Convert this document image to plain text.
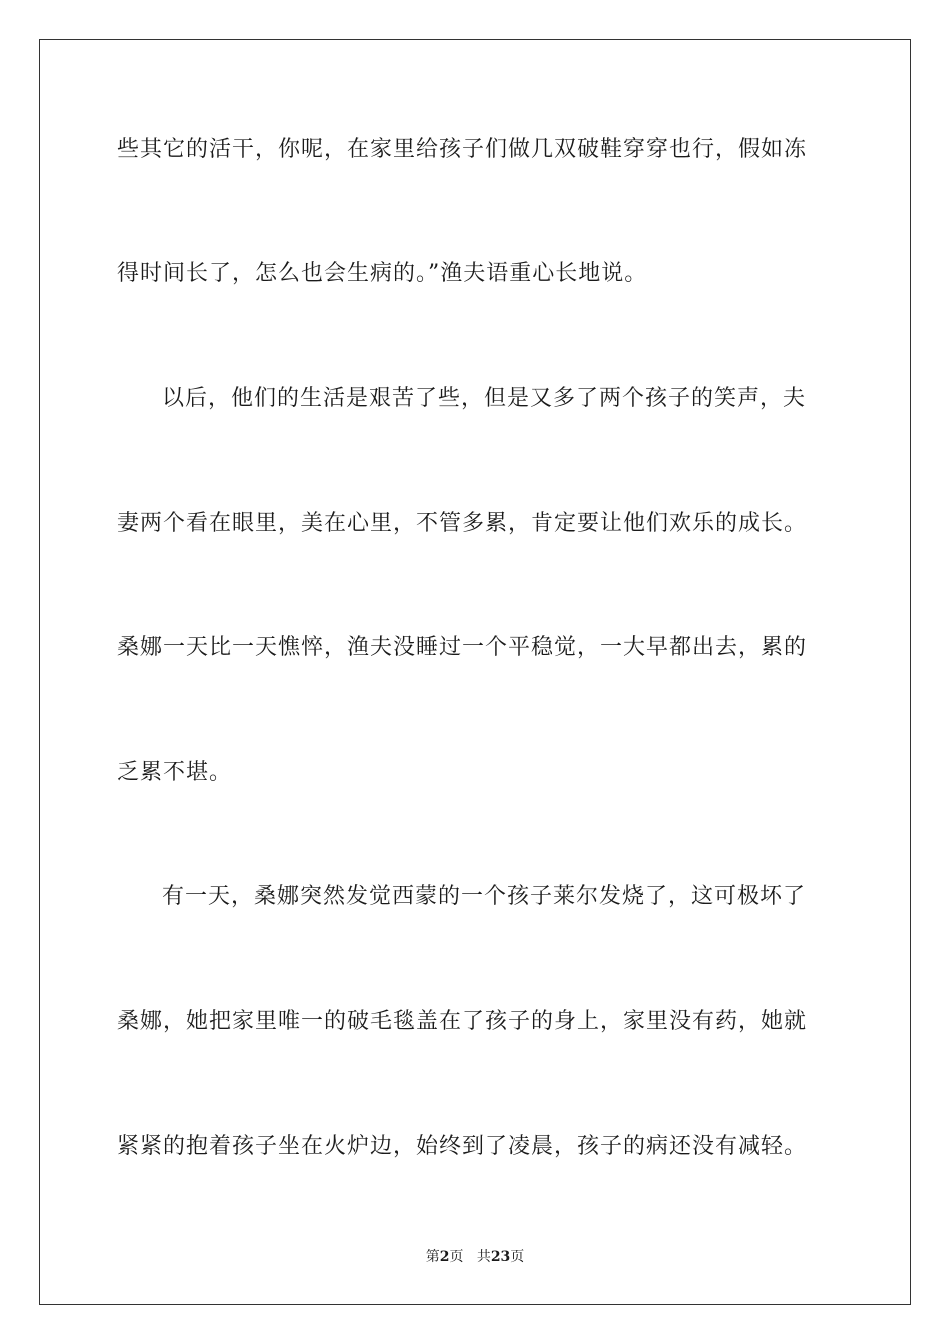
些其它的活干，你呢，在家里给孩子们做几双破鞋穿穿也行，假如冻
得时间长了，怎么也会生病的。”渔夫语重心长地说。
以后，他们的生活是艰苦了些，但是又多了两个孩子的笑声，夫
妻两个看在眼里，美在心里，不管多累，肯定要让他们欢乐的成长。
桑娜一天比一天憔悴，渔夫没睡过一个平稳觉，一大早都出去，累的
乏累不堪。
有一天，桑娜突然发觉西蒙的一个孩子莱尔发烧了，这可极坏了
桑娜，她把家里唯一的破毛毯盖在了孩子的身上，家里没有药，她就
紧紧的抱着孩子坐在火炉边，始终到了凌晨，孩子的病还没有减轻。
第2页 共23页
